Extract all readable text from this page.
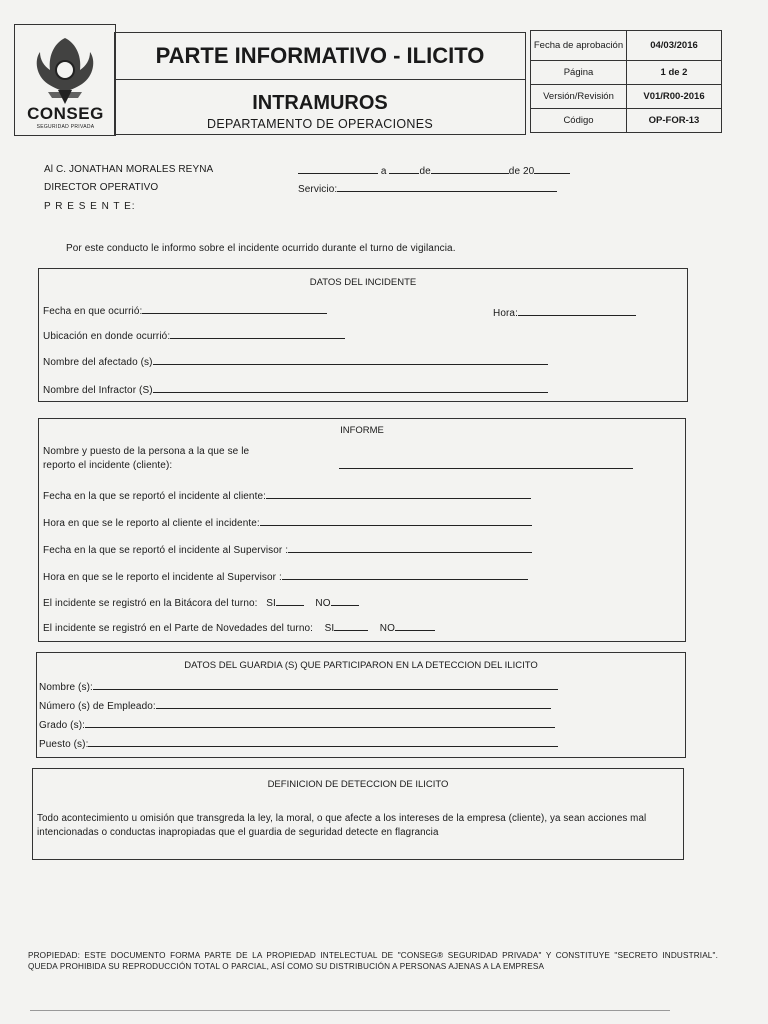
CONSEG
SEGURIDAD PRIVADA
PARTE INFORMATIVO - ILICITO
INTRAMUROS
DEPARTAMENTO DE OPERACIONES
Fecha de aprobación	04/03/2016
Página	1 de 2
Versión/Revisión	V01/R00-2016
Código	OP-FOR-13
Al C. JONATHAN MORALES REYNA
DIRECTOR OPERATIVO
P R E S E N T E:
a	de	de 20
Servicio:
Por este conducto le informo sobre el incidente ocurrido durante el turno de vigilancia.
DATOS DEL INCIDENTE
Fecha en que ocurrió:	Hora:
Ubicación en donde ocurrió:
Nombre del afectado (s)
Nombre del Infractor (S)
INFORME
Nombre y puesto de la persona a la que se le
reporto el incidente (cliente):
Fecha en la que se reportó el incidente al cliente:
Hora en que se le reporto al cliente el incidente:
Fecha en la que se reportó el incidente al Supervisor :
Hora en que se le reporto el incidente al Supervisor :
El incidente se registró en la Bitácora del turno: SI	NO
El incidente se registró en el Parte de Novedades del turno: SI	NO
DATOS DEL GUARDIA (S) QUE PARTICIPARON EN LA DETECCION DEL ILICITO
Nombre (s):
Número (s) de Empleado:
Grado (s):
Puesto (s):
DEFINICION DE DETECCION DE ILICITO
Todo acontecimiento u omisión que transgreda la ley, la moral, o que afecte a los intereses de la empresa (cliente), ya sean acciones mal
intencionadas o conductas inapropiadas que el guardia de seguridad detecte en flagrancia
PROPIEDAD: ESTE DOCUMENTO FORMA PARTE DE LA PROPIEDAD INTELECTUAL DE "CONSEG® SEGURIDAD PRIVADA" Y CONSTITUYE "SECRETO INDUSTRIAL". QUEDA PROHIBIDA SU REPRODUCCIÓN TOTAL O PARCIAL, ASÍ COMO SU DISTRIBUCIÓN A PERSONAS AJENAS A LA EMPRESA
